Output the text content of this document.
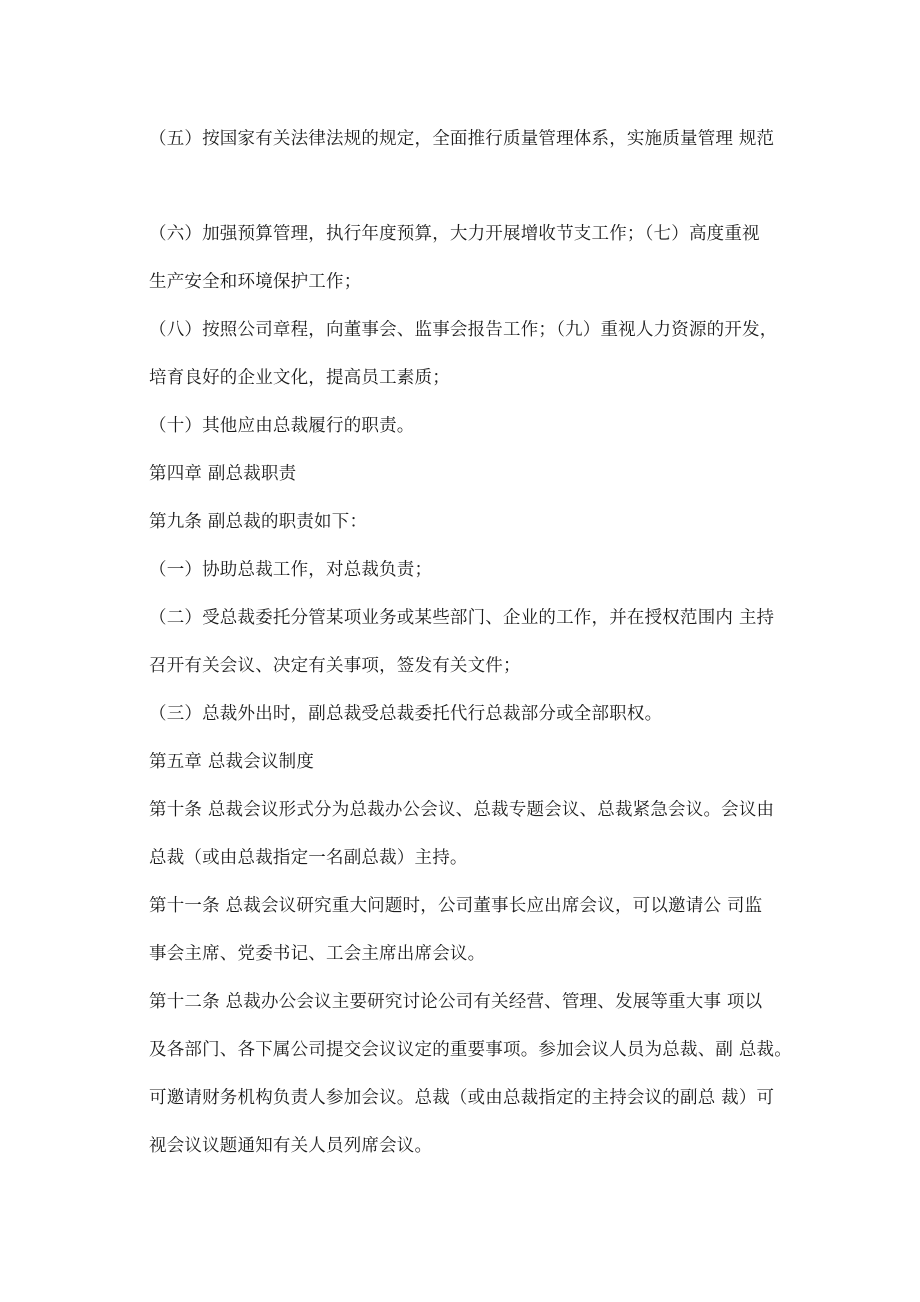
（五）按国家有关法律法规的规定，全面推行质量管理体系，实施质量管理 规范
（六）加强预算管理，执行年度预算，大力开展增收节支工作；（七）高度重视
生产安全和环境保护工作；
（八）按照公司章程，向董事会、监事会报告工作；（九）重视人力资源的开发，
培育良好的企业文化，提高员工素质；
（十）其他应由总裁履行的职责。
第四章 副总裁职责
第九条 副总裁的职责如下：
（一）协助总裁工作，对总裁负责；
（二）受总裁委托分管某项业务或某些部门、企业的工作，并在授权范围内 主持
召开有关会议、决定有关事项，签发有关文件；
（三）总裁外出时，副总裁受总裁委托代行总裁部分或全部职权。
第五章 总裁会议制度
第十条 总裁会议形式分为总裁办公会议、总裁专题会议、总裁紧急会议。会议由
总裁（或由总裁指定一名副总裁）主持。
第十一条 总裁会议研究重大问题时，公司董事长应出席会议，可以邀请公 司监
事会主席、党委书记、工会主席出席会议。
第十二条 总裁办公会议主要研究讨论公司有关经营、管理、发展等重大事 项以
及各部门、各下属公司提交会议议定的重要事项。参加会议人员为总裁、副 总裁。
可邀请财务机构负责人参加会议。总裁（或由总裁指定的主持会议的副总 裁）可
视会议议题通知有关人员列席会议。
